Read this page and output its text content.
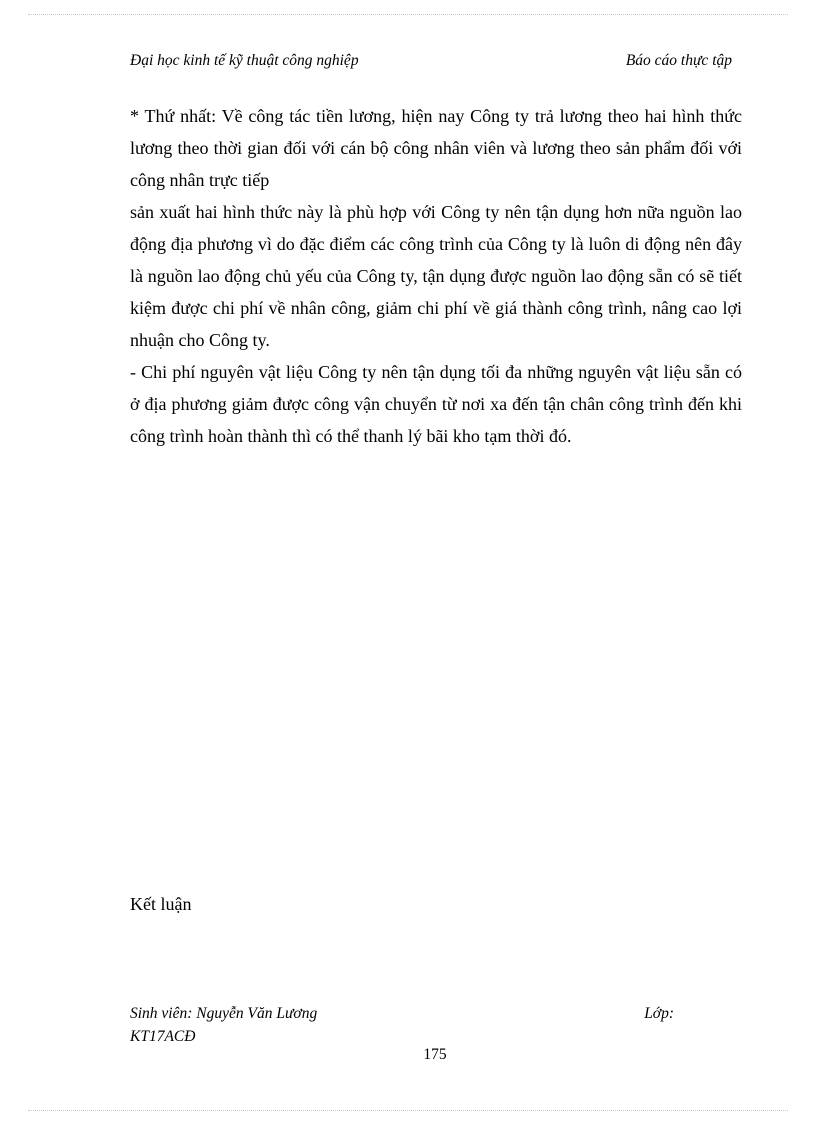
Đại học kinh tế kỹ thuật công nghiệp	Báo cáo thực tập

* Thứ nhất: Về công tác tiền lương, hiện nay Công ty trả lương theo hai hình thức lương theo thời gian đối với cán bộ công nhân viên và lương theo sản phẩm đối với công nhân trực tiếp

sản xuất hai hình thức này là phù hợp với Công ty nên tận dụng hơn nữa nguồn lao động địa phương vì do đặc điểm các công trình của Công ty là luôn di động nên đây là nguồn lao động chủ yếu của Công ty, tận dụng được nguồn lao động sẵn có sẽ tiết kiệm được chi phí về nhân công, giảm chi phí về giá thành công trình, nâng cao lợi nhuận cho Công ty.

- Chi phí nguyên vật liệu Công ty nên tận dụng tối đa những nguyên vật liệu sẵn có ở địa phương giảm được công vận chuyển từ nơi xa đến tận chân công trình đến khi công trình hoàn thành thì có thể thanh lý bãi kho tạm thời đó.

Kết luận
Sinh viên: Nguyễn Văn Lương	Lớp:
KT17ACĐ
175
